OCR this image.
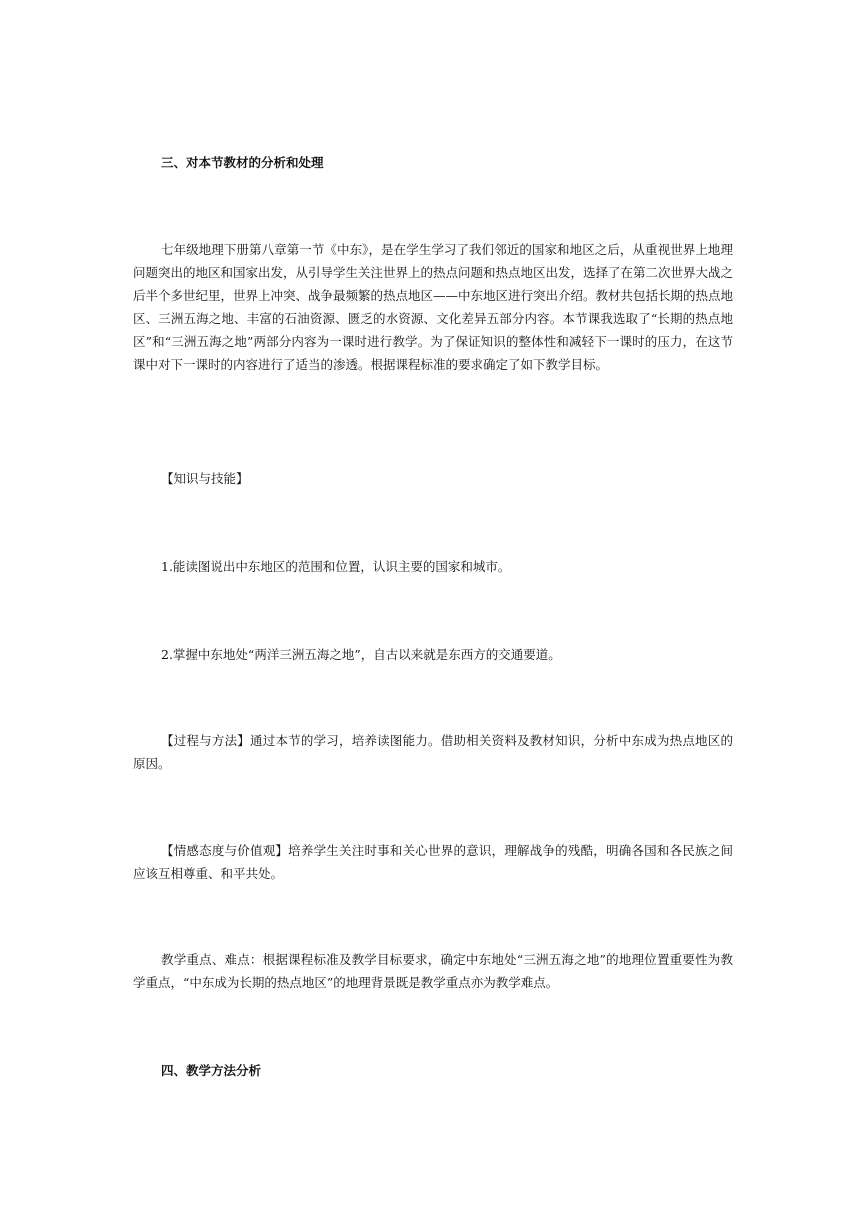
三、对本节教材的分析和处理

七年级地理下册第八章第一节《中东》，是在学生学习了我们邻近的国家和地区之后，从重视世界上地理问题突出的地区和国家出发，从引导学生关注世界上的热点问题和热点地区出发，选择了在第二次世界大战之后半个多世纪里，世界上冲突、战争最频繁的热点地区——中东地区进行突出介绍。教材共包括长期的热点地区、三洲五海之地、丰富的石油资源、匮乏的水资源、文化差异五部分内容。本节课我选取了“长期的热点地区”和“三洲五海之地”两部分内容为一课时进行教学。为了保证知识的整体性和减轻下一课时的压力，在这节课中对下一课时的内容进行了适当的渗透。根据课程标准的要求确定了如下教学目标。

【知识与技能】

1.能读图说出中东地区的范围和位置，认识主要的国家和城市。

2.掌握中东地处“两洋三洲五海之地”，自古以来就是东西方的交通要道。

【过程与方法】通过本节的学习，培养读图能力。借助相关资料及教材知识，分析中东成为热点地区的原因。

【情感态度与价值观】培养学生关注时事和关心世界的意识，理解战争的残酷，明确各国和各民族之间应该互相尊重、和平共处。

教学重点、难点：根据课程标准及教学目标要求，确定中东地处“三洲五海之地”的地理位置重要性为教学重点，“中东成为长期的热点地区”的地理背景既是教学重点亦为教学难点。

四、教学方法分析
